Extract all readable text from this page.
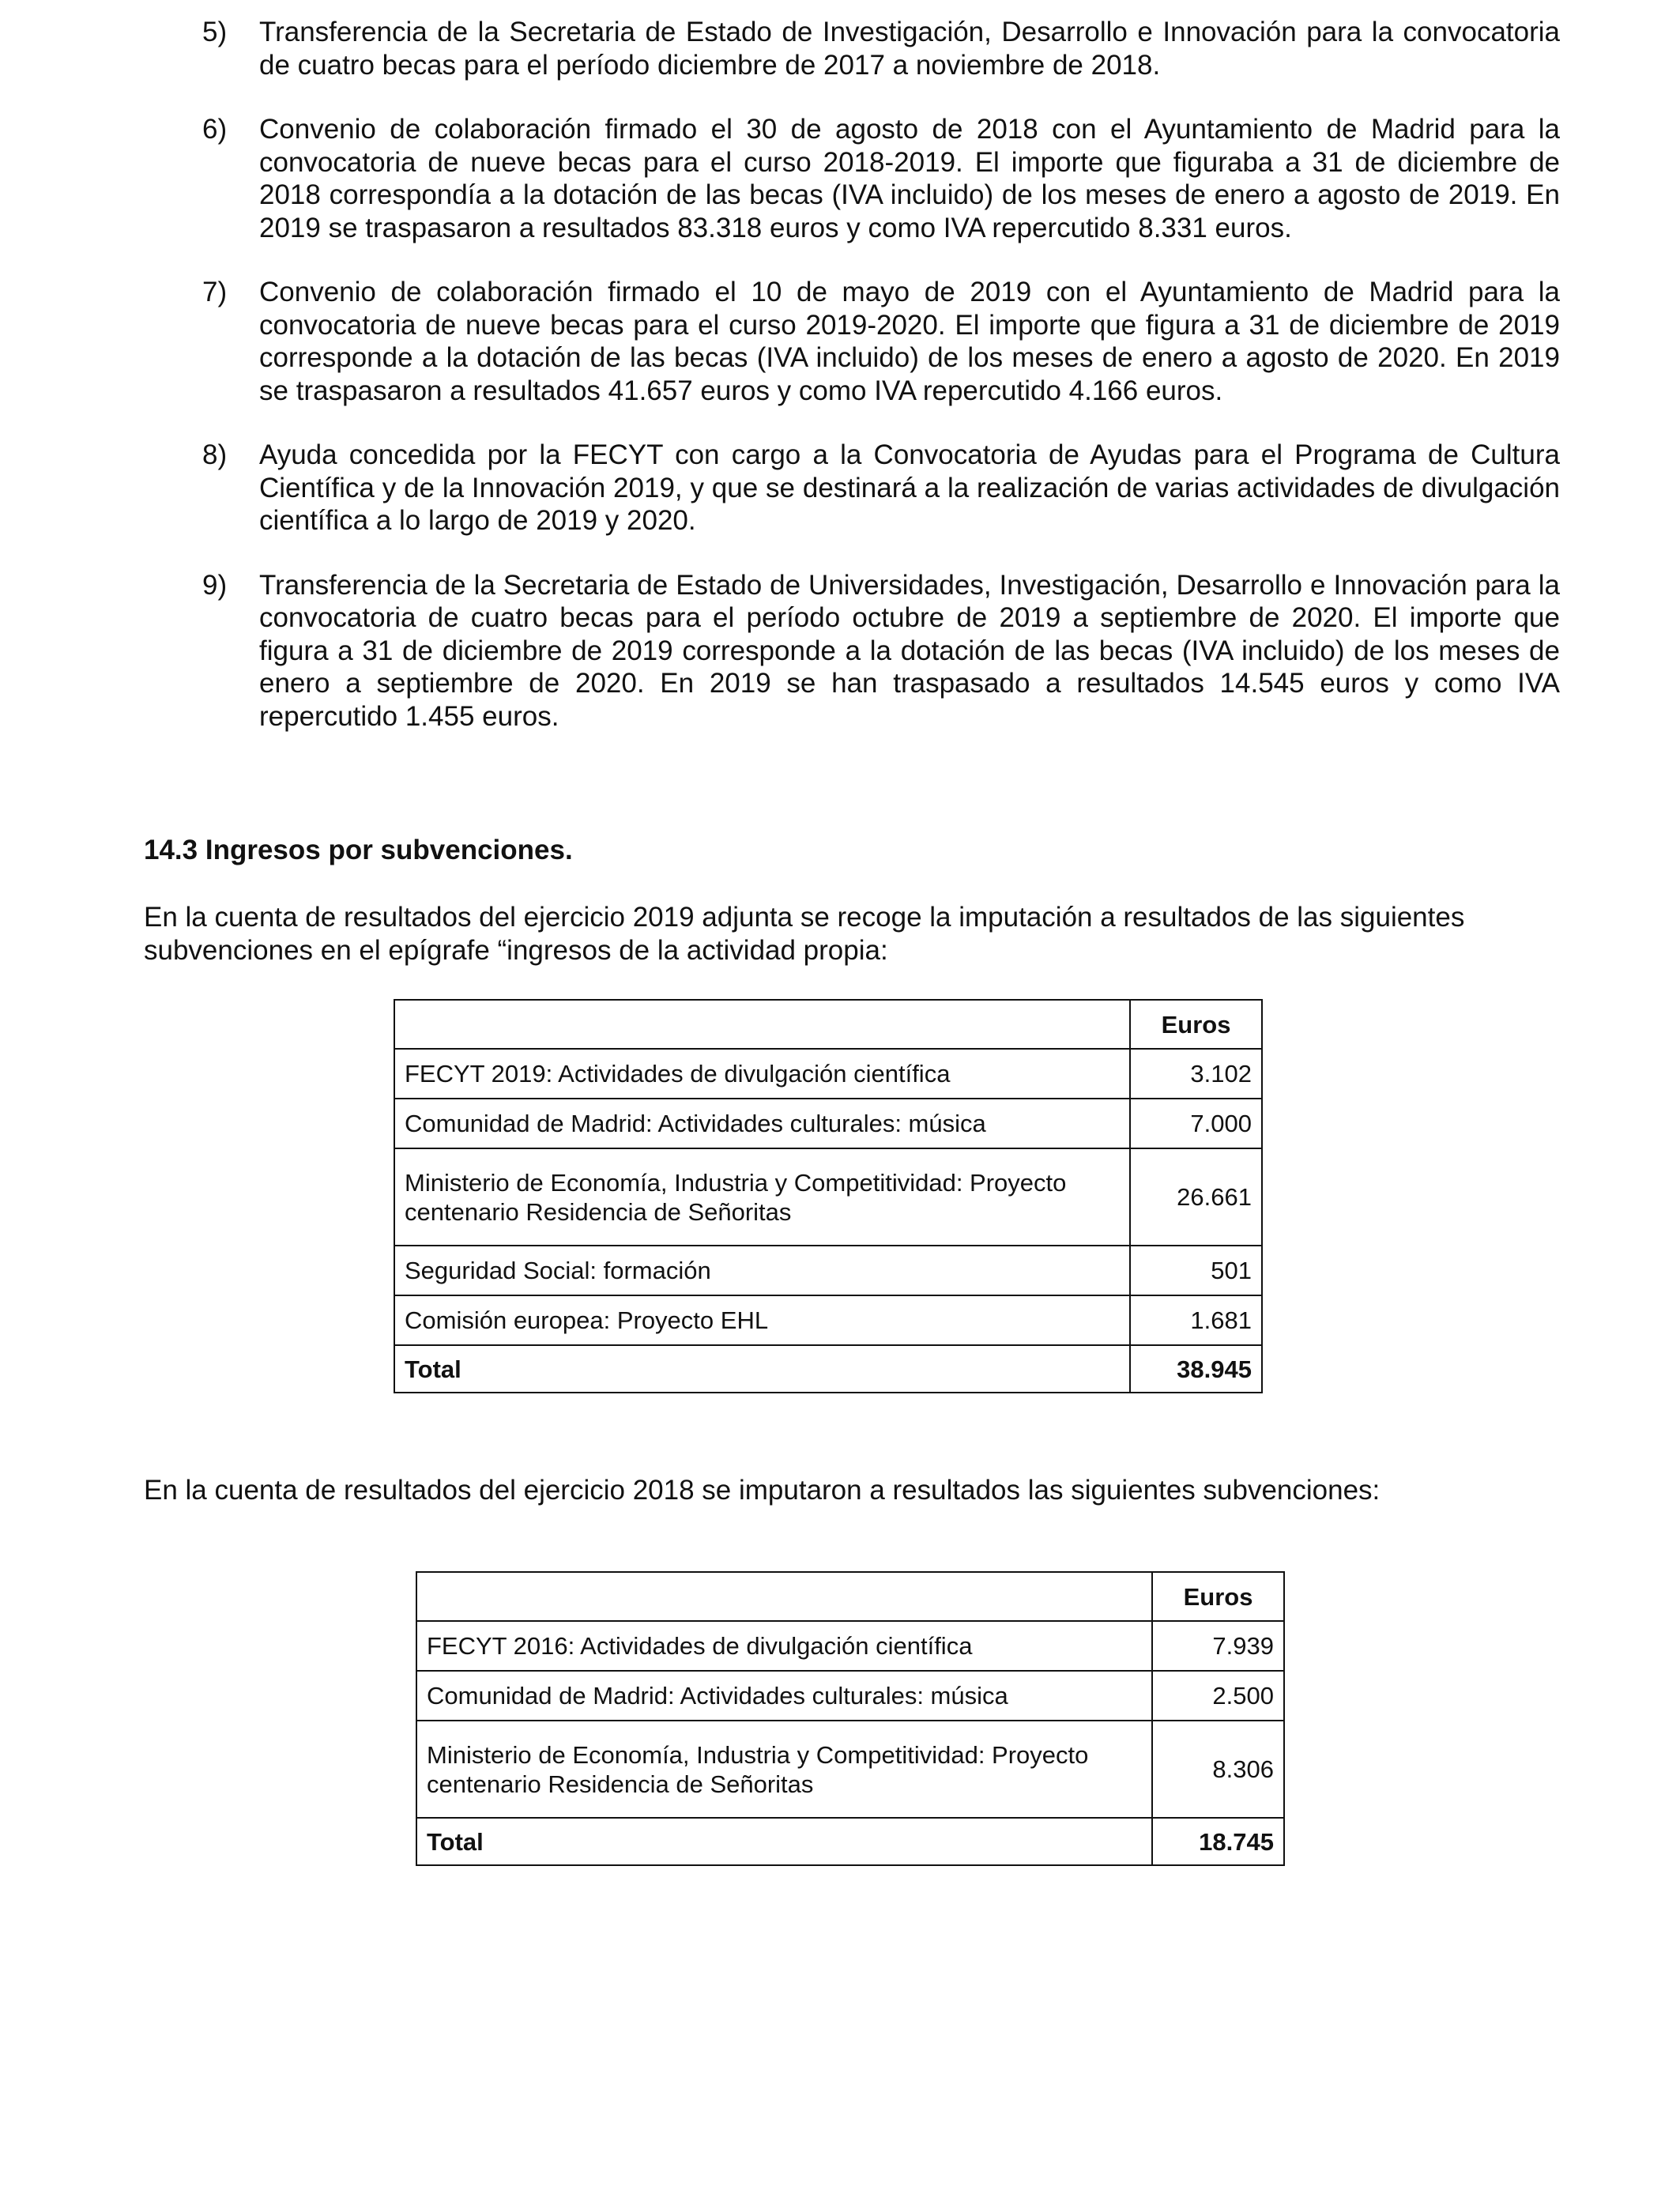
5) Transferencia de la Secretaria de Estado de Investigación, Desarrollo e Innovación para la convocatoria de cuatro becas para el período diciembre de 2017 a noviembre de 2018.
6) Convenio de colaboración firmado el 30 de agosto de 2018 con el Ayuntamiento de Madrid para la convocatoria de nueve becas para el curso 2018-2019. El importe que figuraba a 31 de diciembre de 2018 correspondía a la dotación de las becas (IVA incluido) de los meses de enero a agosto de 2019. En 2019 se traspasaron a resultados 83.318 euros y como IVA repercutido 8.331 euros.
7) Convenio de colaboración firmado el 10 de mayo de 2019 con el Ayuntamiento de Madrid para la convocatoria de nueve becas para el curso 2019-2020. El importe que figura a 31 de diciembre de 2019 corresponde a la dotación de las becas (IVA incluido) de los meses de enero a agosto de 2020. En 2019 se traspasaron a resultados 41.657 euros y como IVA repercutido 4.166 euros.
8) Ayuda concedida por la FECYT con cargo a la Convocatoria de Ayudas para el Programa de Cultura Científica y de la Innovación 2019, y que se destinará a la realización de varias actividades de divulgación científica a lo largo de 2019 y 2020.
9) Transferencia de la Secretaria de Estado de Universidades, Investigación, Desarrollo e Innovación para la convocatoria de cuatro becas para el período octubre de 2019 a septiembre de 2020. El importe que figura a 31 de diciembre de 2019 corresponde a la dotación de las becas (IVA incluido) de los meses de enero a septiembre de 2020. En 2019 se han traspasado a resultados 14.545 euros y como IVA repercutido 1.455 euros.
14.3 Ingresos por subvenciones.

En la cuenta de resultados del ejercicio 2019 adjunta se recoge la imputación a resultados de las siguientes subvenciones en el epígrafe “ingresos de la actividad propia:

	Euros
FECYT 2019: Actividades de divulgación científica	3.102
Comunidad de Madrid: Actividades culturales: música	7.000
Ministerio de Economía, Industria y Competitividad: Proyecto centenario Residencia de Señoritas	26.661
Seguridad Social: formación	501
Comisión europea: Proyecto EHL	1.681
Total	38.945

En la cuenta de resultados del ejercicio 2018 se imputaron a resultados las siguientes subvenciones:

	Euros
FECYT 2016: Actividades de divulgación científica	7.939
Comunidad de Madrid: Actividades culturales: música	2.500
Ministerio de Economía, Industria y Competitividad: Proyecto centenario Residencia de Señoritas	8.306
Total	18.745
